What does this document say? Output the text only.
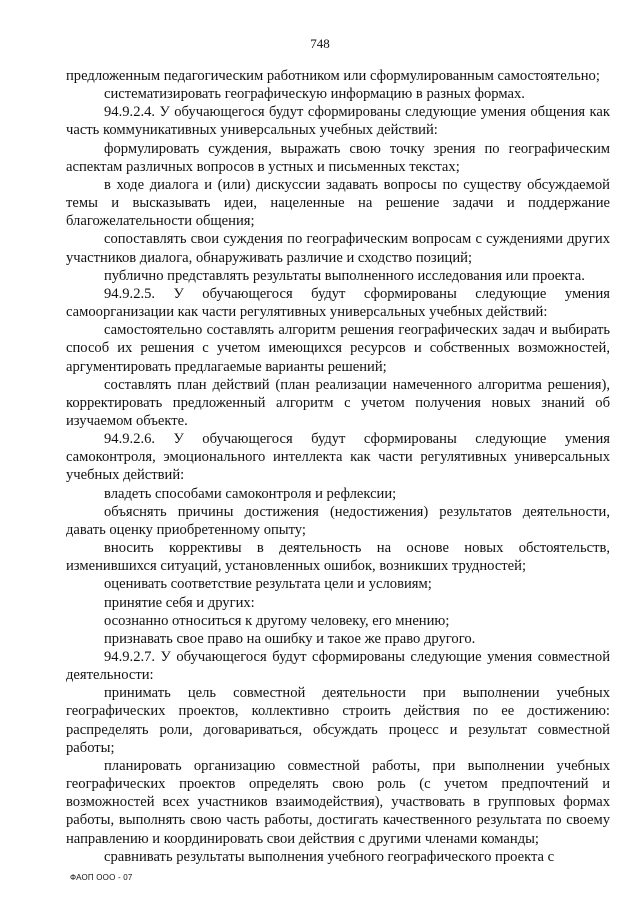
748

предложенным педагогическим работником или сформулированным самостоятельно;

систематизировать географическую информацию в разных формах.

94.9.2.4. У обучающегося будут сформированы следующие умения общения как часть коммуникативных универсальных учебных действий:

формулировать суждения, выражать свою точку зрения по географическим аспектам различных вопросов в устных и письменных текстах;

в ходе диалога и (или) дискуссии задавать вопросы по существу обсуждаемой темы и высказывать идеи, нацеленные на решение задачи и поддержание благожелательности общения;

сопоставлять свои суждения по географическим вопросам с суждениями других участников диалога, обнаруживать различие и сходство позиций;

публично представлять результаты выполненного исследования или проекта.

94.9.2.5. У обучающегося будут сформированы следующие умения самоорганизации как части регулятивных универсальных учебных действий:

самостоятельно составлять алгоритм решения географических задач и выбирать способ их решения с учетом имеющихся ресурсов и собственных возможностей, аргументировать предлагаемые варианты решений;

составлять план действий (план реализации намеченного алгоритма решения), корректировать предложенный алгоритм с учетом получения новых знаний об изучаемом объекте.

94.9.2.6. У обучающегося будут сформированы следующие умения самоконтроля, эмоционального интеллекта как части регулятивных универсальных учебных действий:

владеть способами самоконтроля и рефлексии;

объяснять причины достижения (недостижения) результатов деятельности, давать оценку приобретенному опыту;

вносить коррективы в деятельность на основе новых обстоятельств, изменившихся ситуаций, установленных ошибок, возникших трудностей;

оценивать соответствие результата цели и условиям;

принятие себя и других:

осознанно относиться к другому человеку, его мнению;

признавать свое право на ошибку и такое же право другого.

94.9.2.7. У обучающегося будут сформированы следующие умения совместной деятельности:

принимать цель совместной деятельности при выполнении учебных географических проектов, коллективно строить действия по ее достижению: распределять роли, договариваться, обсуждать процесс и результат совместной работы;

планировать организацию совместной работы, при выполнении учебных географических проектов определять свою роль (с учетом предпочтений и возможностей всех участников взаимодействия), участвовать в групповых формах работы, выполнять свою часть работы, достигать качественного результата по своему направлению и координировать свои действия с другими членами команды;

сравнивать результаты выполнения учебного географического проекта с

ФАОП ООО - 07
